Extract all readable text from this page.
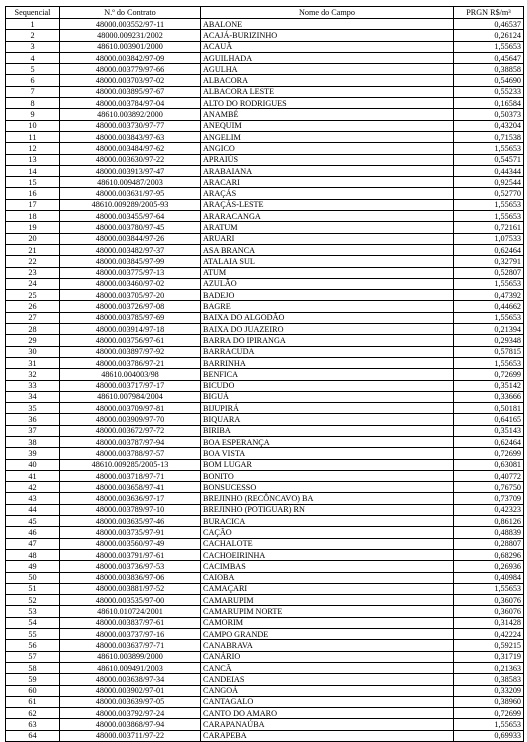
Sequencial	N.º do Contrato	Nome do Campo	PRGN R$/m³
1	48000.003552/97-11	ABALONE	0,46537
2	48000.009231/2002	ACAJÁ-BURIZINHO	0,26124
3	48610.003901/2000	ACAUÃ	1,55653
4	48000.003842/97-09	AGUILHADA	0,45647
5	48000.003779/97-66	AGULHA	0,38858
6	48000.003703/97-02	ALBACORA	0,54690
7	48000.003895/97-67	ALBACORA LESTE	0,55233
8	48000.003784/97-04	ALTO DO RODRIGUES	0,16584
9	48610.003892/2000	ANAMBÉ	0,50373
10	48000.003730/97-77	ANEQUIM	0,43204
11	48000.003843/97-63	ANGELIM	0,71538
12	48000.003484/97-62	ANGICO	1,55653
13	48000.003630/97-22	APRAIÚS	0,54571
14	48000.003913/97-47	ARABAIANA	0,44344
15	48610.009487/2003	ARACARI	0,92544
16	48000.003631/97-95	ARAÇÁS	0,52770
17	48610.009289/2005-93	ARAÇÁS-LESTE	1,55653
18	48000.003455/97-64	ARARACANGA	1,55653
19	48000.003780/97-45	ARATUM	0,72161
20	48000.003844/97-26	ARUARI	1,07533
21	48000.003482/97-37	ASA BRANCA	0,62464
22	48000.003845/97-99	ATALAIA SUL	0,32791
23	48000.003775/97-13	ATUM	0,52807
24	48000.003460/97-02	AZULÃO	1,55653
25	48000.003705/97-20	BADEJO	0,47392
26	48000.003726/97-08	BAGRE	0,44662
27	48000.003785/97-69	BAIXA DO ALGODÃO	1,55653
28	48000.003914/97-18	BAIXA DO JUAZEIRO	0,21394
29	48000.003756/97-61	BARRA DO IPIRANGA	0,29348
30	48000.003897/97-92	BARRACUDA	0,57815
31	48000.003786/97-21	BARRINHA	1,55653
32	48610.004003/98	BENFICA	0,72699
33	48000.003717/97-17	BICUDO	0,35142
34	48610.007984/2004	BIGUÁ	0,33666
35	48000.003709/97-81	BIJUPIRÁ	0,50181
36	48000.003909/97-70	BIQUARA	0,64165
37	48000.003672/97-72	BIRIBA	0,35143
38	48000.003787/97-94	BOA ESPERANÇA	0,62464
39	48000.003788/97-57	BOA VISTA	0,72699
40	48610.009285/2005-13	BOM LUGAR	0,63081
41	48000.003718/97-71	BONITO	0,40772
42	48000.003658/97-41	BONSUCESSO	0,76750
43	48000.003636/97-17	BREJINHO (RECÔNCAVO) BA	0,73709
44	48000.003789/97-10	BREJINHO (POTIGUAR) RN	0,42323
45	48000.003635/97-46	BURACICA	0,86126
46	48000.003735/97-91	CAÇÃO	0,48839
47	48000.003560/97-49	CACHALOTE	0,28807
48	48000.003791/97-61	CACHOEIRINHA	0,68296
49	48000.003736/97-53	CACIMBAS	0,26936
50	48000.003836/97-06	CAIOBA	0,40984
51	48000.003881/97-52	CAMAÇARI	1,55653
52	48000.003535/97-00	CAMARUPIM	0,36076
53	48610.010724/2001	CAMARUPIM NORTE	0,36076
54	48000.003837/97-61	CAMORIM	0,31428
55	48000.003737/97-16	CAMPO GRANDE	0,42224
56	48000.003637/97-71	CANABRAVA	0,59215
57	48610.003899/2000	CANÁRIO	0,31719
58	48610.009491/2003	CANCÃ	0,21363
59	48000.003638/97-34	CANDEIAS	0,38583
60	48000.003902/97-01	CANGOÁ	0,33209
61	48000.003639/97-05	CANTAGALO	0,38960
62	48000.003792/97-24	CANTO DO AMARO	0,72699
63	48000.003868/97-94	CARAPANAÚBA	1,55653
64	48000.003711/97-22	CARAPEBA	0,69933
